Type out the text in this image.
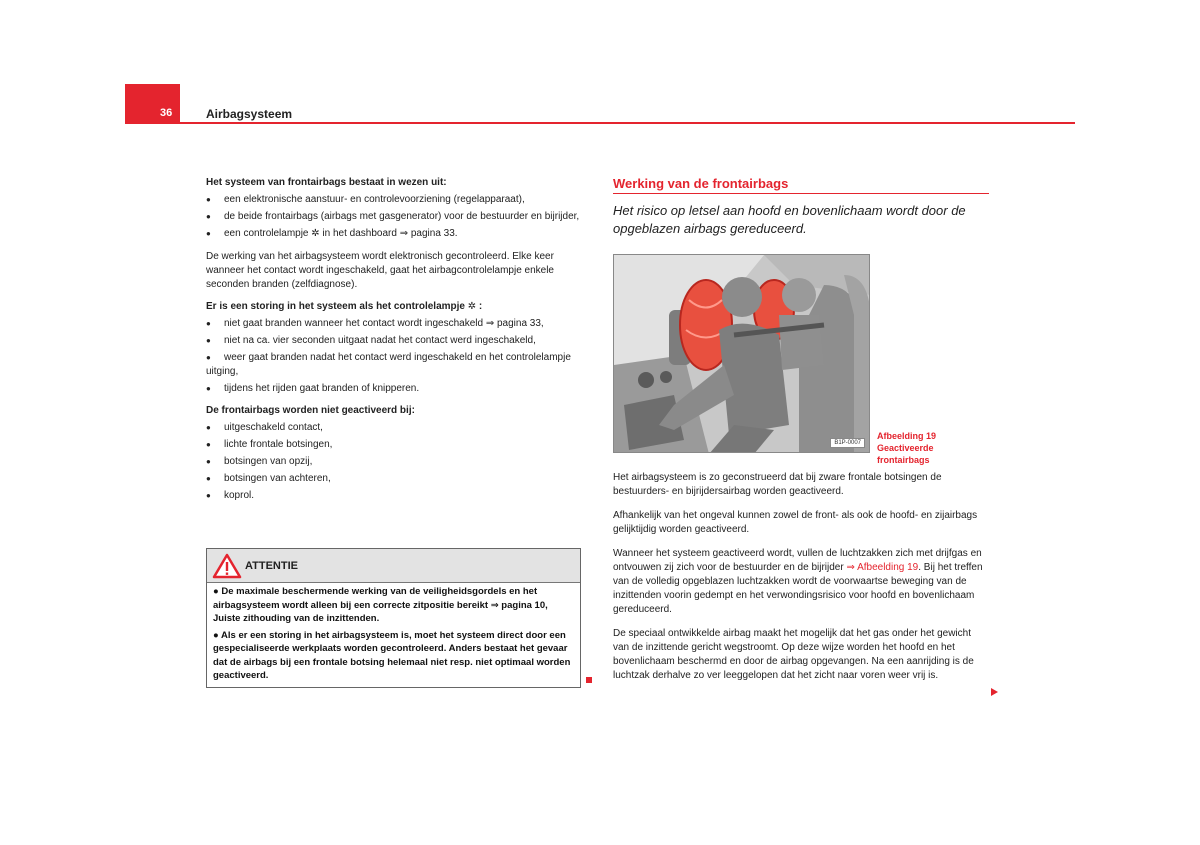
36	Airbagsysteem

Het systeem van frontairbags bestaat in wezen uit:

● een elektronische aanstuur- en controlevoorziening (regelapparaat),
● de beide frontairbags (airbags met gasgenerator) voor de bestuurder en bijrijder,
● een controlelampje ✲ in het dashboard ⇒ pagina 33.

De werking van het airbagsysteem wordt elektronisch gecontroleerd. Elke keer wanneer het contact wordt ingeschakeld, gaat het airbagcontrolelampje enkele seconden branden (zelfdiagnose).

Er is een storing in het systeem als het controlelampje ✲ :

● niet gaat branden wanneer het contact wordt ingeschakeld ⇒ pagina 33,
● niet na ca. vier seconden uitgaat nadat het contact werd ingeschakeld,
● weer gaat branden nadat het contact werd ingeschakeld en het controlelampje uitging,
● tijdens het rijden gaat branden of knipperen.

De frontairbags worden niet geactiveerd bij:

● uitgeschakeld contact,
● lichte frontale botsingen,
● botsingen van opzij,
● botsingen van achteren,
● koprol.
ATTENTIE

● De maximale beschermende werking van de veiligheidsgordels en het airbagsysteem wordt alleen bij een correcte zitpositie bereikt ⇒ pagina 10, Juiste zithouding van de inzittenden.

● Als er een storing in het airbagsysteem is, moet het systeem direct door een gespecialiseerde werkplaats worden gecontroleerd. Anders bestaat het gevaar dat de airbags bij een frontale botsing helemaal niet resp. niet optimaal worden geactiveerd.

Werking van de frontairbags
Het risico op letsel aan hoofd en bovenlichaam wordt door de opgeblazen airbags gereduceerd.
B1P-0007
Afbeelding 19 Geactiveerde frontairbags

Het airbagsysteem is zo geconstrueerd dat bij zware frontale botsingen de bestuurders- en bijrijdersairbag worden geactiveerd.

Afhankelijk van het ongeval kunnen zowel de front- als ook de hoofd- en zijairbags gelijktijdig worden geactiveerd.

Wanneer het systeem geactiveerd wordt, vullen de luchtzakken zich met drijfgas en ontvouwen zij zich voor de bestuurder en de bijrijder ⇒ Afbeelding 19. Bij het treffen van de volledig opgeblazen luchtzakken wordt de voorwaartse beweging van de inzittenden voorin gedempt en het verwondingsrisico voor hoofd en bovenlichaam gereduceerd.

De speciaal ontwikkelde airbag maakt het mogelijk dat het gas onder het gewicht van de inzittende gericht wegstroomt. Op deze wijze worden het hoofd en het bovenlichaam beschermd en door de airbag opgevangen. Na een aanrijding is de luchtzak derhalve zo ver leeggelopen dat het zicht naar voren weer vrij is.
